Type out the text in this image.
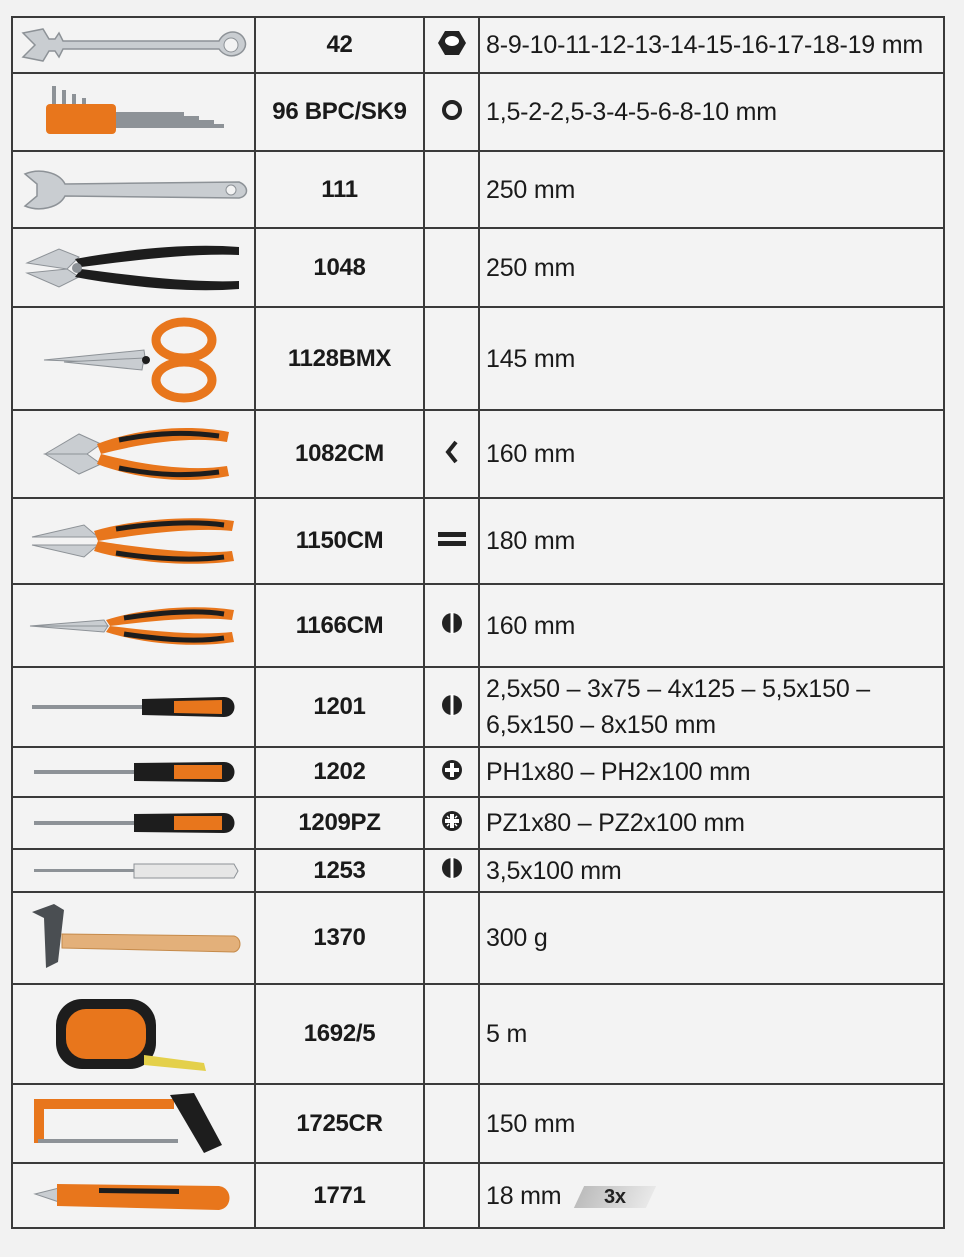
	42		8-9-10-11-12-13-14-15-16-17-18-19 mm

	96 BPC/SK9		1,5-2-2,5-3-4-5-6-8-10 mm

	111		250 mm

	1048		250 mm

	1128BMX		145 mm

	1082CM		160 mm

	1150CM		180 mm

	1166CM		160 mm

	1201		2,5x50 – 3x75 – 4x125 – 5,5x150 – 6,5x150 – 8x150 mm

	1202		PH1x80 – PH2x100 mm

	1209PZ		PZ1x80 – PZ2x100 mm

	1253		3,5x100 mm

	1370		300 g

	1692/5		5 m

	1725CR		150 mm

	1771		18 mm 3x
